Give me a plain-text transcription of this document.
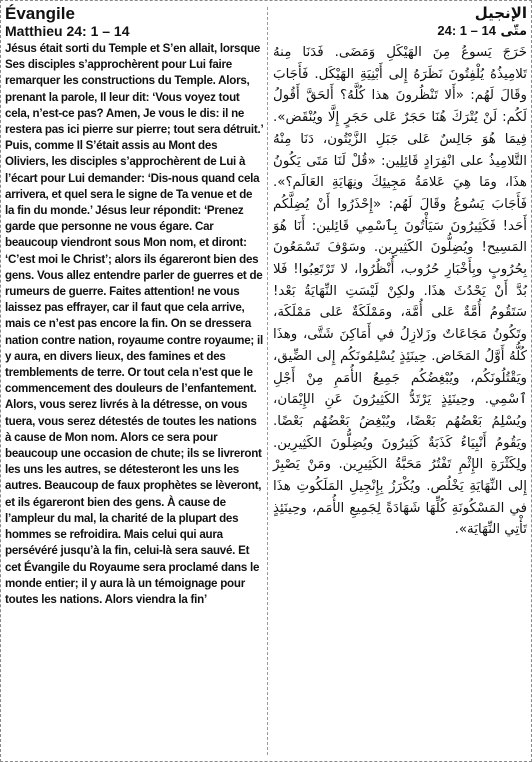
Évangile
Matthieu 24: 1 – 14
Jésus était sorti du Temple et S’en allait, lorsque Ses disciples s’approchèrent pour Lui faire remarquer les constructions du Temple. Alors, prenant la parole, Il leur dit: ‘Vous voyez tout cela, n’est-ce pas? Amen, Je vous le dis: il ne restera pas ici pierre sur pierre; tout sera détruit.’ Puis, comme Il S’était assis au Mont des Oliviers, les disciples s’approchèrent de Lui à l’écart pour Lui demander: ‘Dis-nous quand cela arrivera, et quel sera le signe de Ta venue et de la fin du monde.’ Jésus leur répondit: ‘Prenez garde que personne ne vous égare. Car beaucoup viendront sous Mon nom, et diront: ‘C’est moi le Christ’; alors ils égareront bien des gens. Vous allez entendre parler de guerres et de rumeurs de guerre. Faites attention! ne vous laissez pas effrayer, car il faut que cela arrive, mais ce n’est pas encore la fin. On se dressera nation contre nation, royaume contre royaume; il y aura, en divers lieux, des famines et des tremblements de terre. Or tout cela n’est que le commencement des douleurs de l’enfantement. Alors, vous serez livrés à la détresse, on vous tuera, vous serez détestés de toutes les nations à cause de Mon nom. Alors ce sera pour beaucoup une occasion de chute; ils se livreront les uns les autres, se détesteront les uns les autres. Beaucoup de faux prophètes se lèveront, et ils égareront bien des gens. À cause de l’ampleur du mal, la charité de la plupart des hommes se refroidira. Mais celui qui aura persévéré jusqu’à la fin, celui-là sera sauvé. Et cet Évangile du Royaume sera proclamé dans le monde entier; il y aura là un témoignage pour toutes les nations. Alors viendra la fin’
الإنجيل
متّى 24: 1 – 14
خَرَجَ يَسوعُ مِنَ الهَيْكَلِ وَمَضَى. فَدَنَا مِنهُ تَلامِيذُهُ يُلْفِتُونَ نَظَرَهُ إِلى أَبْنِيَةِ الهَيْكَل. فَأَجَابَ وقَالَ لَهُم: «أَلا تَنْظُرونَ هذا كُلَّهُ؟ أَلحَقَّ أَقُولُ لَكُم: لَنْ يُتْرَكَ هُنَا حَجَرٌ عَلى حَجَرٍ إِلَّا ويُنْقَض». فِيمَا هُوَ جَالِسٌ عَلى جَبَلِ الزَّيْتُون، دَنَا مِنْهُ التَّلامِيذُ على انْفِرَادٍ قَائِلِين: «قُلْ لَنَا مَتَى يَكُونُ هذَا، ومَا هِيَ عَلامَةُ مَجِيئِكَ ونِهَايَةِ العَالَم؟». فَأَجَابَ يَسُوعُ وقَالَ لَهُم: «إِحْذَرُوا أَنْ يُضِلَّكُم أَحَد! فَكَثِيرُونَ سَيَأْتُونَ بِٱسْمِي قَائِلين: أَنَا هُوَ المَسِيح! ويُضِلُّونَ الكَثِيرِين. وسَوْفَ تَسْمَعُونَ بِحُرُوبٍ وبِأَخْبَارِ حُرُوب، أُنْظُرُوا، لا تَرْتَعِبُوا! فَلا بُدَّ أَنْ يَحْدُثَ هذَا. ولكِنْ لَيْسَتِ النِّهَايَةُ بَعْد! سَتَقُومُ أُمَّةٌ عَلى أُمَّة، ومَمْلَكَةٌ عَلى مَمْلَكَة، وتَكُونُ مَجَاعَاتٌ وزَلازِلُ في أَمَاكِنَ شَتَّى، وهذَا كُلُّهُ أَوَّلُ المَخَاض. حِينَئِذٍ يُسْلِمُونَكُم إِلى الضِّيق، ويَقْتُلُونَكُم، ويُبْغِضُكُم جَمِيعُ الأُمَمِ مِنْ أَجْلِ ٱسْمِي. وحِينَئِذٍ يَرْتَدُّ الكَثِيرُونَ عَنِ الإِيْمَان، ويُسْلِمُ بَعْضُهُم بَعْضًا، ويُبْغِضُ بَعْضُهُم بَعْضًا. ويَقُومُ أَنْبِيَاءُ كَذَبَةٌ كَثِيرُونَ ويُضِلُّونَ الكَثِيرِين. ولِكَثْرَةِ الإِثْمِ تَفْتُرُ مَحَبَّةُ الكَثِيرِين. ومَنْ يَصْبِرْ إِلى النِّهَايَةِ يَخْلُص. ويُكْرَزُ بِإِنْجِيلِ المَلَكُوتِ هذَا في المَسْكُونَةِ كُلِّهَا شَهَادَةً لِجَمِيعِ الأُمَم، وحِينَئِذٍ تَأْتِي النِّهَايَة».
